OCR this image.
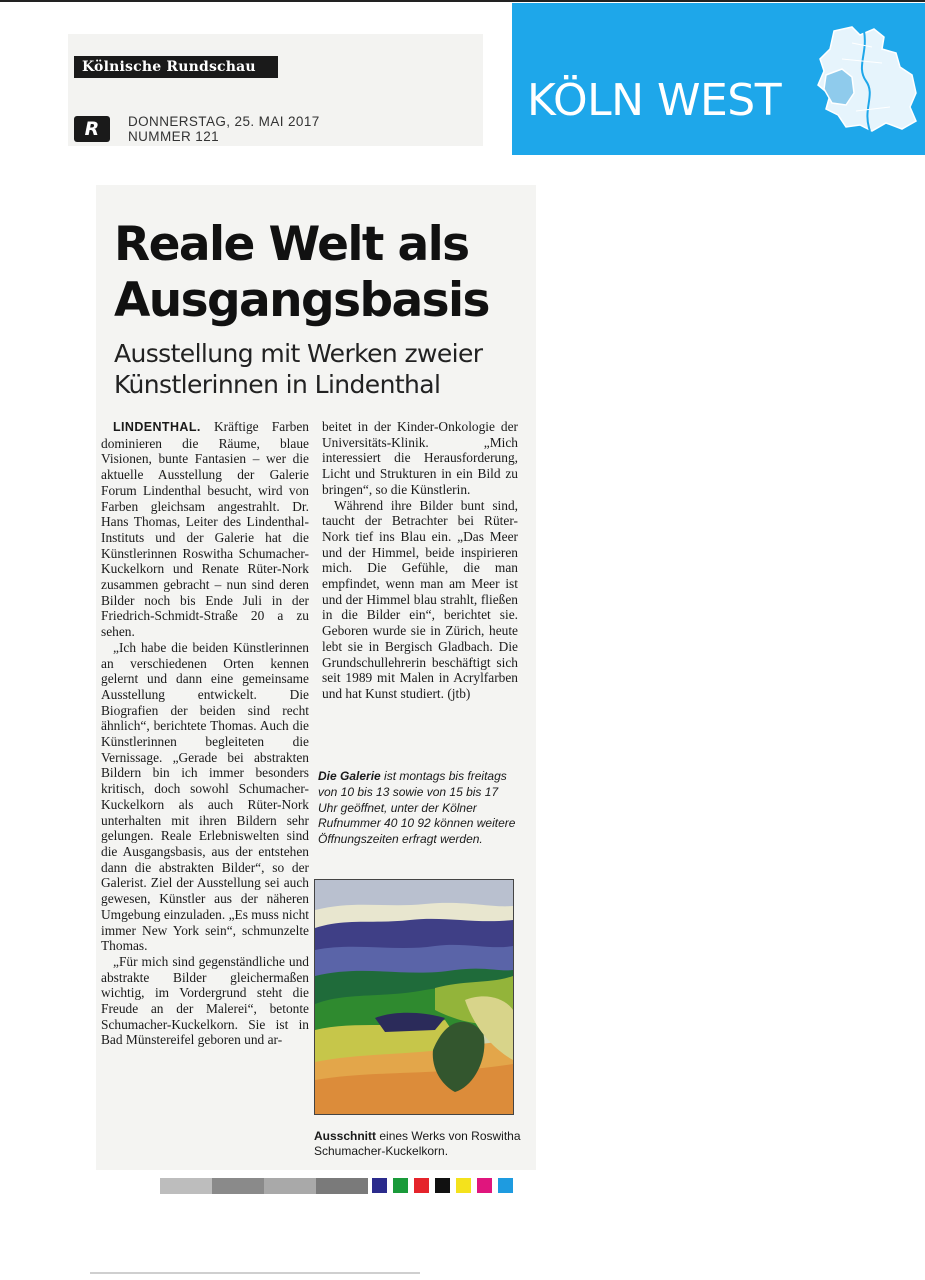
Kölnische Rundschau
R	DONNERSTAG, 25. MAI 2017
NUMMER 121
KÖLN WEST
Reale Welt als
Ausgangsbasis
Ausstellung mit Werken zweier
Künstlerinnen in Lindenthal

LINDENTHAL. Kräftige Farben dominieren die Räume, blaue Visionen, bunte Fantasien – wer die aktuelle Ausstellung der Galerie Forum Lindenthal besucht, wird von Farben gleichsam angestrahlt. Dr. Hans Thomas, Leiter des Lindenthal-Instituts und der Galerie hat die Künstlerinnen Roswitha Schumacher-Kuckelkorn und Renate Rüter-Nork zusammen gebracht – nun sind deren Bilder noch bis Ende Juli in der Friedrich-Schmidt-Straße 20 a zu sehen.

„Ich habe die beiden Künstlerinnen an verschiedenen Orten kennen gelernt und dann eine gemeinsame Ausstellung entwickelt. Die Biografien der beiden sind recht ähnlich“, berichtete Thomas. Auch die Künstlerinnen begleiteten die Vernissage. „Gerade bei abstrakten Bildern bin ich immer besonders kritisch, doch sowohl Schumacher-Kuckelkorn als auch Rüter-Nork unterhalten mit ihren Bildern sehr gelungen. Reale Erlebniswelten sind die Ausgangsbasis, aus der entstehen dann die abstrakten Bilder“, so der Galerist. Ziel der Ausstellung sei auch gewesen, Künstler aus der näheren Umgebung einzuladen. „Es muss nicht immer New York sein“, schmunzelte Thomas.

„Für mich sind gegenständliche und abstrakte Bilder gleichermaßen wichtig, im Vordergrund steht die Freude an der Malerei“, betonte Schumacher-Kuckelkorn. Sie ist in Bad Münstereifel geboren und ar-

beitet in der Kinder-Onkologie der Universitäts-Klinik. „Mich interessiert die Herausforderung, Licht und Strukturen in ein Bild zu bringen“, so die Künstlerin.

Während ihre Bilder bunt sind, taucht der Betrachter bei Rüter-Nork tief ins Blau ein. „Das Meer und der Himmel, beide inspirieren mich. Die Gefühle, die man empfindet, wenn man am Meer ist und der Himmel blau strahlt, fließen in die Bilder ein“, berichtet sie. Geboren wurde sie in Zürich, heute lebt sie in Bergisch Gladbach. Die Grundschullehrerin beschäftigt sich seit 1989 mit Malen in Acrylfarben und hat Kunst studiert. (jtb)

Die Galerie ist montags bis freitags von 10 bis 13 sowie von 15 bis 17 Uhr geöffnet, unter der Kölner Rufnummer 40 10 92 können weitere Öffnungszeiten erfragt werden.
Ausschnitt eines Werks von Roswitha Schumacher-Kuckelkorn.
